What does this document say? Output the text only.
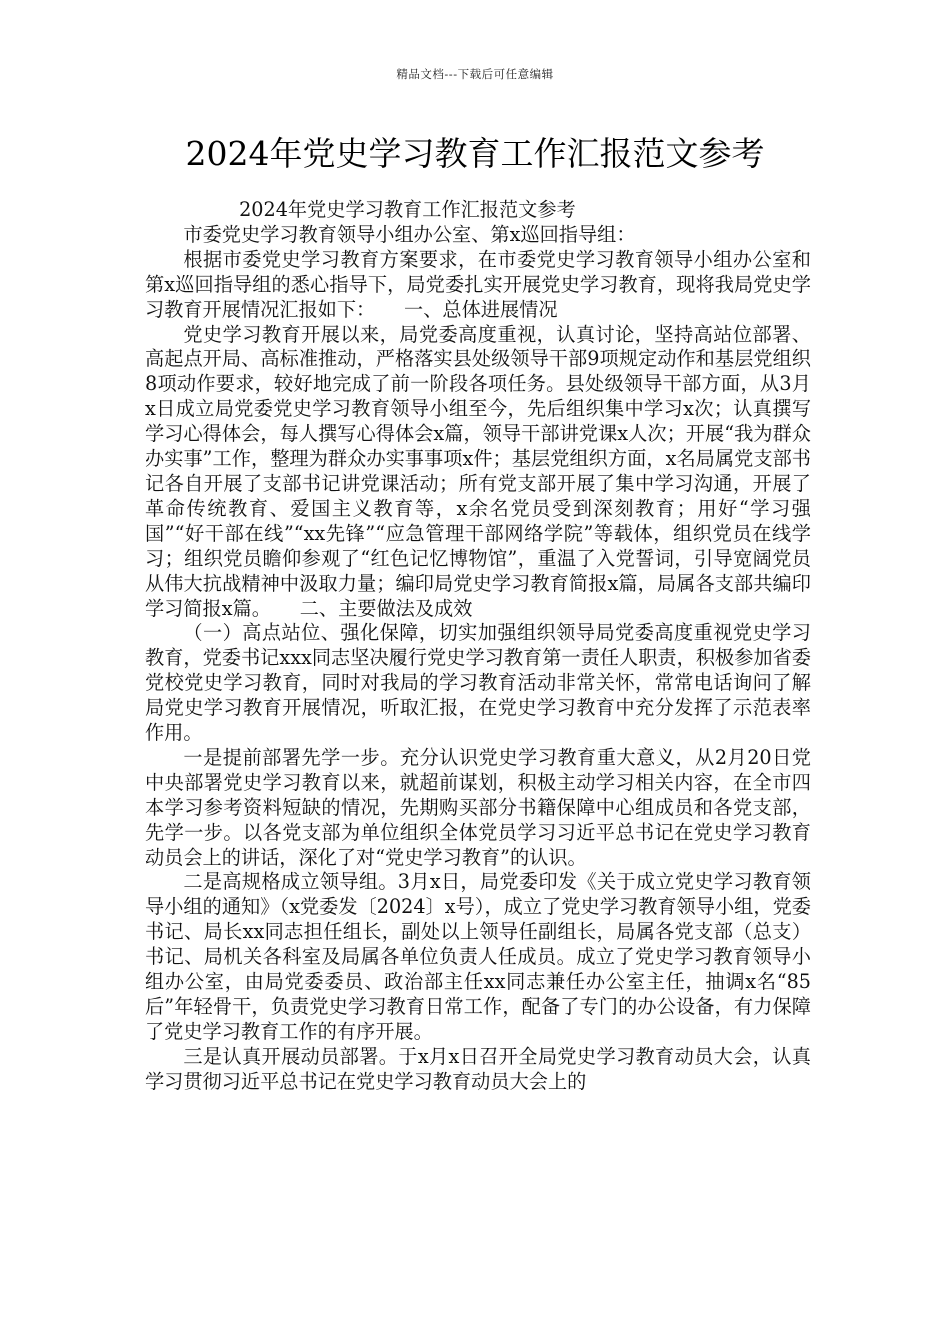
精品文档---下载后可任意编辑
2024年党史学习教育工作汇报范文参考

2024年党史学习教育工作汇报范文参考

市委党史学习教育领导小组办公室、第x巡回指导组：

根据市委党史学习教育方案要求，在市委党史学习教育领导小组办公室和第x巡回指导组的悉心指导下，局党委扎实开展党史学习教育，现将我局党史学习教育开展情况汇报如下：　　一、总体进展情况

党史学习教育开展以来，局党委高度重视，认真讨论，坚持高站位部署、高起点开局、高标准推动，严格落实县处级领导干部9项规定动作和基层党组织8项动作要求，较好地完成了前一阶段各项任务。县处级领导干部方面，从3月x日成立局党委党史学习教育领导小组至今，先后组织集中学习x次；认真撰写学习心得体会，每人撰写心得体会x篇，领导干部讲党课x人次；开展“我为群众办实事”工作，整理为群众办实事事项x件；基层党组织方面，x名局属党支部书记各自开展了支部书记讲党课活动；所有党支部开展了集中学习沟通，开展了革命传统教育、爱国主义教育等，x余名党员受到深刻教育；用好“学习强国”“好干部在线”“xx先锋”“应急管理干部网络学院”等载体，组织党员在线学习；组织党员瞻仰参观了“红色记忆博物馆”，重温了入党誓词，引导宽阔党员从伟大抗战精神中汲取力量；编印局党史学习教育简报x篇，局属各支部共编印学习简报x篇。　　二、主要做法及成效

（一）高点站位、强化保障，切实加强组织领导局党委高度重视党史学习教育，党委书记xxx同志坚决履行党史学习教育第一责任人职责，积极参加省委党校党史学习教育，同时对我局的学习教育活动非常关怀，常常电话询问了解局党史学习教育开展情况，听取汇报，在党史学习教育中充分发挥了示范表率作用。

一是提前部署先学一步。充分认识党史学习教育重大意义，从2月20日党中央部署党史学习教育以来，就超前谋划，积极主动学习相关内容，在全市四本学习参考资料短缺的情况，先期购买部分书籍保障中心组成员和各党支部，先学一步。以各党支部为单位组织全体党员学习习近平总书记在党史学习教育动员会上的讲话，深化了对“党史学习教育”的认识。

二是高规格成立领导组。3月x日，局党委印发《关于成立党史学习教育领导小组的通知》（x党委发〔2024〕x号），成立了党史学习教育领导小组，党委书记、局长xx同志担任组长，副处以上领导任副组长，局属各党支部（总支）书记、局机关各科室及局属各单位负责人任成员。成立了党史学习教育领导小组办公室，由局党委委员、政治部主任xx同志兼任办公室主任，抽调x名“85后”年轻骨干，负责党史学习教育日常工作，配备了专门的办公设备，有力保障了党史学习教育工作的有序开展。

三是认真开展动员部署。于x月x日召开全局党史学习教育动员大会，认真学习贯彻习近平总书记在党史学习教育动员大会上的
